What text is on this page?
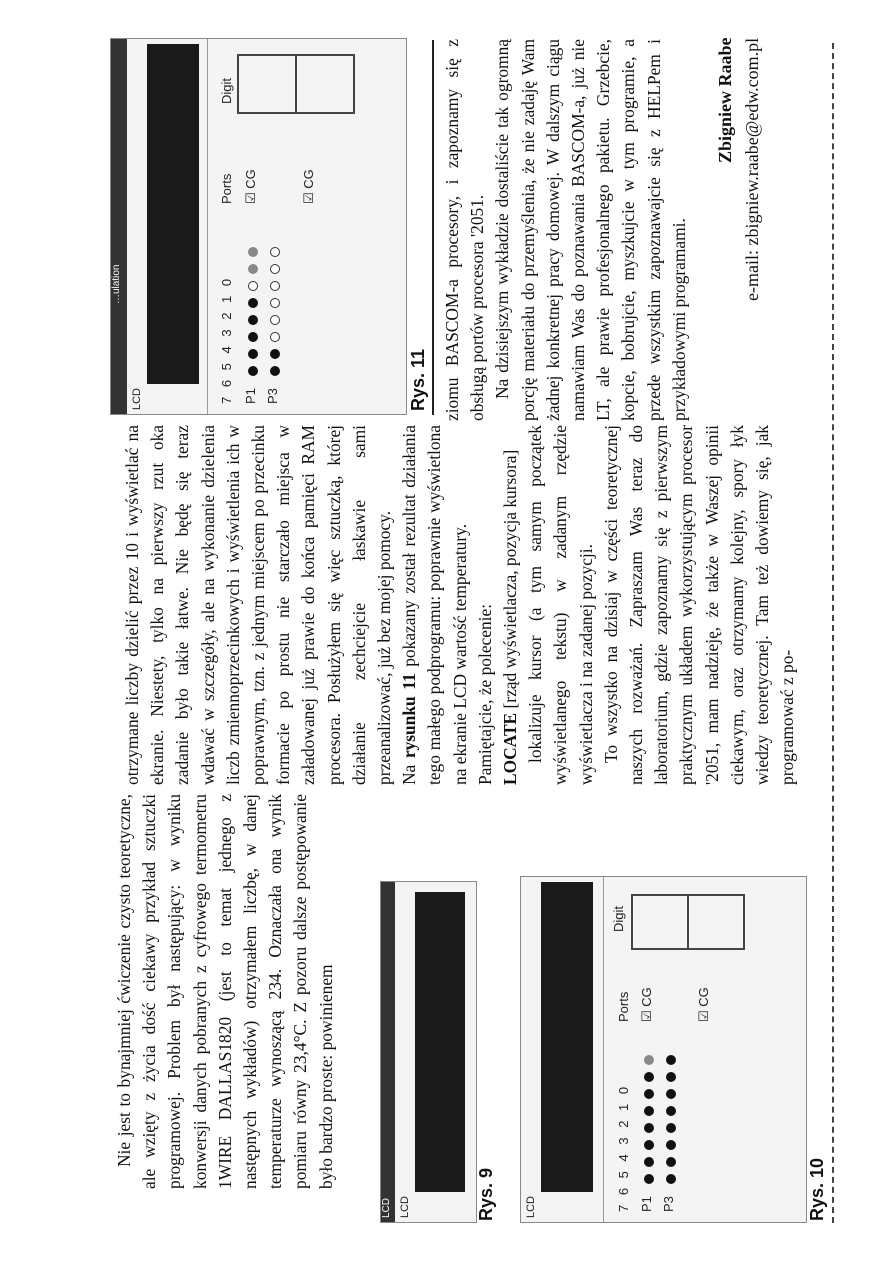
Nie jest to bynajmniej ćwiczenie czysto teoretyczne, ale wzięty z życia dość ciekawy przykład sztuczki programowej. Problem był następujący: w wyniku konwersji danych pobranych z cyfrowego termometru 1WIRE DALLAS1820 (jest to temat jednego z następnych wykładów) otrzymałem liczbę, w danej temperaturze wynoszącą 234. Oznaczała ona wynik pomiaru równy 23,4°C. Z pozoru dalsze postępowanie było bardzo proste: powinienem

LCD LCD	Rys. 9	LCD	7 6 5 4 3 2 1 0 P1 P3
Ports ☑ CG
☑ CG
Digit
Rys. 10

otrzymane liczby dzielić przez 10 i wyświetlać na ekranie. Niestety, tylko na pierwszy rzut oka zadanie było takie łatwe. Nie będę się teraz wdawać w szczegóły, ale na wykonanie dzielenia liczb zmiennoprzecinkowych i wyświetlenia ich w poprawnym, tzn. z jednym miejscem po przecinku formacie po prostu nie starczało miejsca w załadowanej już prawie do końca pamięci RAM procesora. Posłużyłem się więc sztuczką, której działanie zechciejcie łaskawie sami przeanalizować, już bez mojej pomocy. Na rysunku 11 pokazany został rezultat działania tego małego podprogramu: poprawnie wyświetlona na ekranie LCD wartość temperatury. Pamiętajcie, że polecenie: LOCATE [rząd wyświetlacza, pozycja kursora] lokalizuje kursor (a tym samym początek wyświetlanego tekstu) w zadanym rzędzie wyświetlacza i na zadanej pozycji. To wszystko na dzisiaj w części teoretycznej naszych rozważań. Zapraszam Was teraz do laboratorium, gdzie zapoznamy się z pierwszym praktycznym układem wykorzystującym procesor '2051, mam nadzieję, że także w Waszej opinii ciekawym, oraz otrzymamy kolejny, spory łyk wiedzy teoretycznej. Tam też dowiemy się, jak programować z po-

…ulation
LCD	7 6 5 4 3 2 1 0 P1 P3
Ports ☑ CG
☑ CG
Digit
Rys. 11 ziomu BASCOM-a procesory, i zapoznamy się z obsługą portów procesora '2051. Na dzisiejszym wykładzie dostaliście tak ogromną porcję materiału do przemyślenia, że nie zadaję Wam żadnej konkretnej pracy domowej. W dalszym ciągu namawiam Was do poznawania BASCOM-a, już nie LT, ale prawie profesjonalnego pakietu. Grzebcie, kopcie, bobrujcie, myszkujcie w tym programie, a przede wszystkim zapoznawajcie się z HELPem i przykładowymi programami.

Zbigniew Raabe e-mail: zbigniew.raabe@edw.com.pl
